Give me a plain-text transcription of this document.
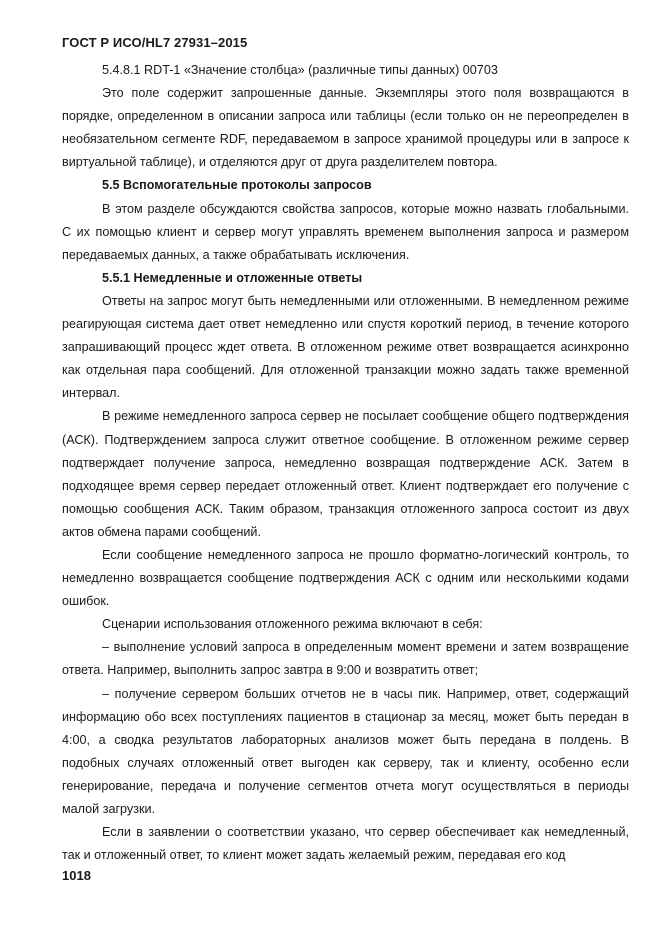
ГОСТ Р ИСО/HL7 27931–2015

5.4.8.1 RDT-1 «Значение столбца» (различные типы данных) 00703

Это поле содержит запрошенные данные. Экземпляры этого поля возвращаются в порядке, определенном в описании запроса или таблицы (если только он не переопределен в необязательном сегменте RDF, передаваемом в запросе хранимой процедуры или в запросе к виртуальной таблице), и отделяются друг от друга разделителем повтора.

5.5 Вспомогательные протоколы запросов

В этом разделе обсуждаются свойства запросов, которые можно назвать глобальными. С их помощью клиент и сервер могут управлять временем выполнения запроса и размером передаваемых данных, а также обрабатывать исключения.

5.5.1 Немедленные и отложенные ответы

Ответы на запрос могут быть немедленными или отложенными. В немедленном режиме реагирующая система дает ответ немедленно или спустя короткий период, в течение которого запрашивающий процесс ждет ответа. В отложенном режиме ответ возвращается асинхронно как отдельная пара сообщений. Для отложенной транзакции можно задать также временной интервал.

В режиме немедленного запроса сервер не посылает сообщение общего подтверждения (АСК). Подтверждением запроса служит ответное сообщение. В отложенном режиме сервер подтверждает получение запроса, немедленно возвращая подтверждение АСК. Затем в подходящее время сервер передает отложенный ответ. Клиент подтверждает его получение с помощью сообщения АСК. Таким образом, транзакция отложенного запроса состоит из двух актов обмена парами сообщений.

Если сообщение немедленного запроса не прошло форматно-логический контроль, то немедленно возвращается сообщение подтверждения АСК с одним или несколькими кодами ошибок.

Сценарии использования отложенного режима включают в себя:

– выполнение условий запроса в определенным момент времени и затем возвращение ответа. Например, выполнить запрос завтра в 9:00 и возвратить ответ;

– получение сервером больших отчетов не в часы пик. Например, ответ, содержащий информацию обо всех поступлениях пациентов в стационар за месяц, может быть передан в 4:00, а сводка результатов лабораторных анализов может быть передана в полдень. В подобных случаях отложенный ответ выгоден как серверу, так и клиенту, особенно если генерирование, передача и получение сегментов отчета могут осуществляться в периоды малой загрузки.

Если в заявлении о соответствии указано, что сервер обеспечивает как немедленный, так и отложенный ответ, то клиент может задать желаемый режим, передавая его код

1018
